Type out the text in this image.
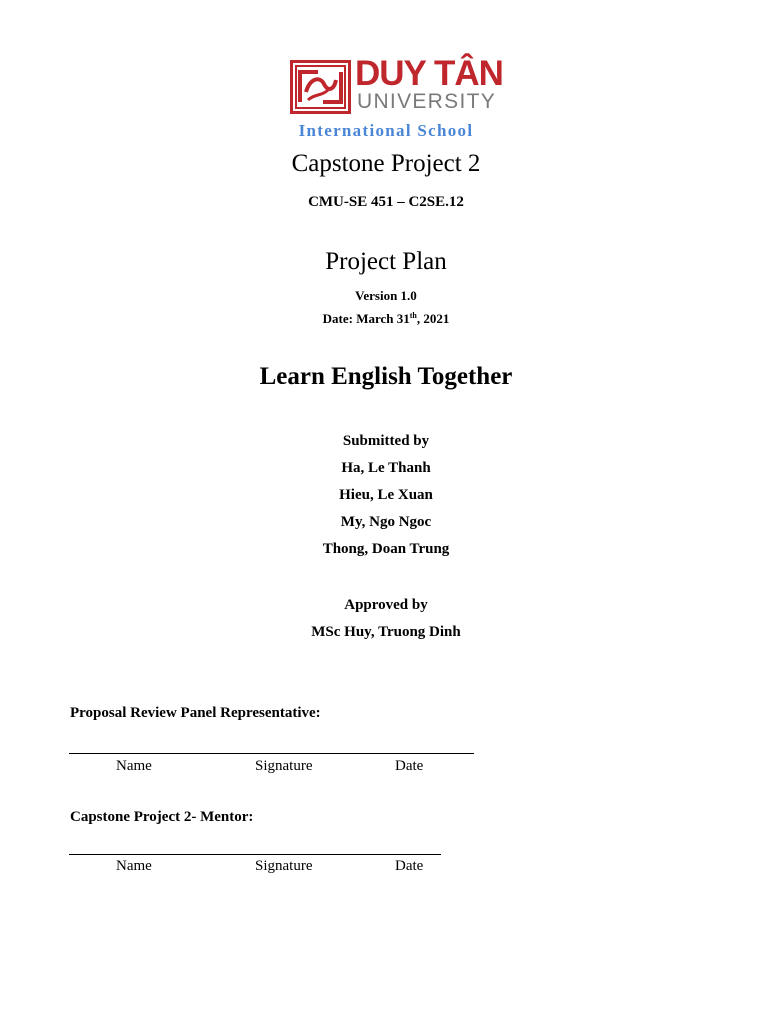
DUY TÂN
UNIVERSITY
International School
Capstone Project 2
CMU-SE 451 – C2SE.12
Project Plan
Version 1.0
Date: March 31th, 2021
Learn English Together
Submitted by
Ha, Le Thanh
Hieu, Le Xuan
My, Ngo Ngoc
Thong, Doan Trung
Approved by
MSc Huy, Truong Dinh
Proposal Review Panel Representative:
Name	Signature	Date
Capstone Project 2- Mentor:
Name	Signature	Date
